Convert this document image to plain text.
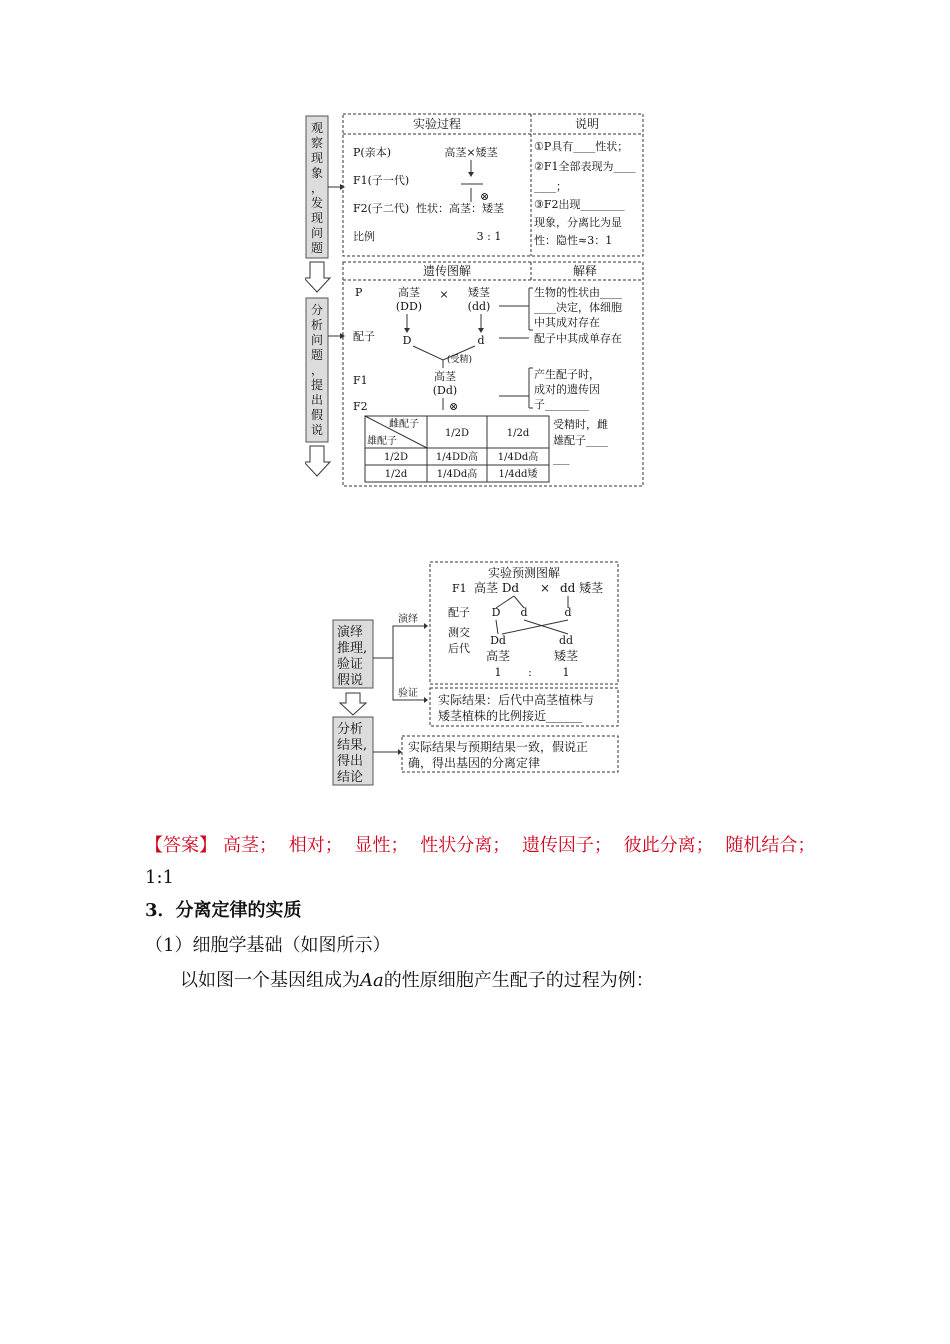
观
察
现
象
，
发
现
问
题
分
析
问
题
，
提
出
假
说
实验过程	说明
P(亲本)	高茎×矮茎
F1(子一代)
⊗
F2(子二代) 性状：高茎：矮茎
比例	3 : 1
①P具有____性状；
②F1全部表现为____
____；
③F2出现________
现象，分离比为显
性：隐性≈3：1
遗传图解	解释
P	高茎
(DD)
× 矮茎
(dd)
配子	D	d
(受精)
F1	高茎
(Dd)
⊗
F2
雌配子
雄配子
1/2D	1/2d
1/2D	1/4DD高 1/4Dd高
1/2d	1/4Dd高 1/4dd矮
生物的性状由____
____决定，体细胞
中其成对存在
配子中其成单存在
产生配子时，
成对的遗传因
子________
受精时，雌
雄配子____
___
演绎
推理,
验证
假说
分析
结果,
得出
结论
演绎
验证
实验预测图解
F1 高茎 Dd × dd 矮茎
配子 D d	d
测交
后代
Dd
高茎
dd
矮茎
1 :	1
实际结果：后代中高茎植株与
矮茎植株的比例接近______
实际结果与预期结果一致，假说正
确，得出基因的分离定律
【答案】 高茎； 相对； 显性； 性状分离； 遗传因子； 彼此分离； 随机结合； 1:1
3．分离定律的实质
（1）细胞学基础（如图所示）
以如图一个基因组成为Aa的性原细胞产生配子的过程为例：
